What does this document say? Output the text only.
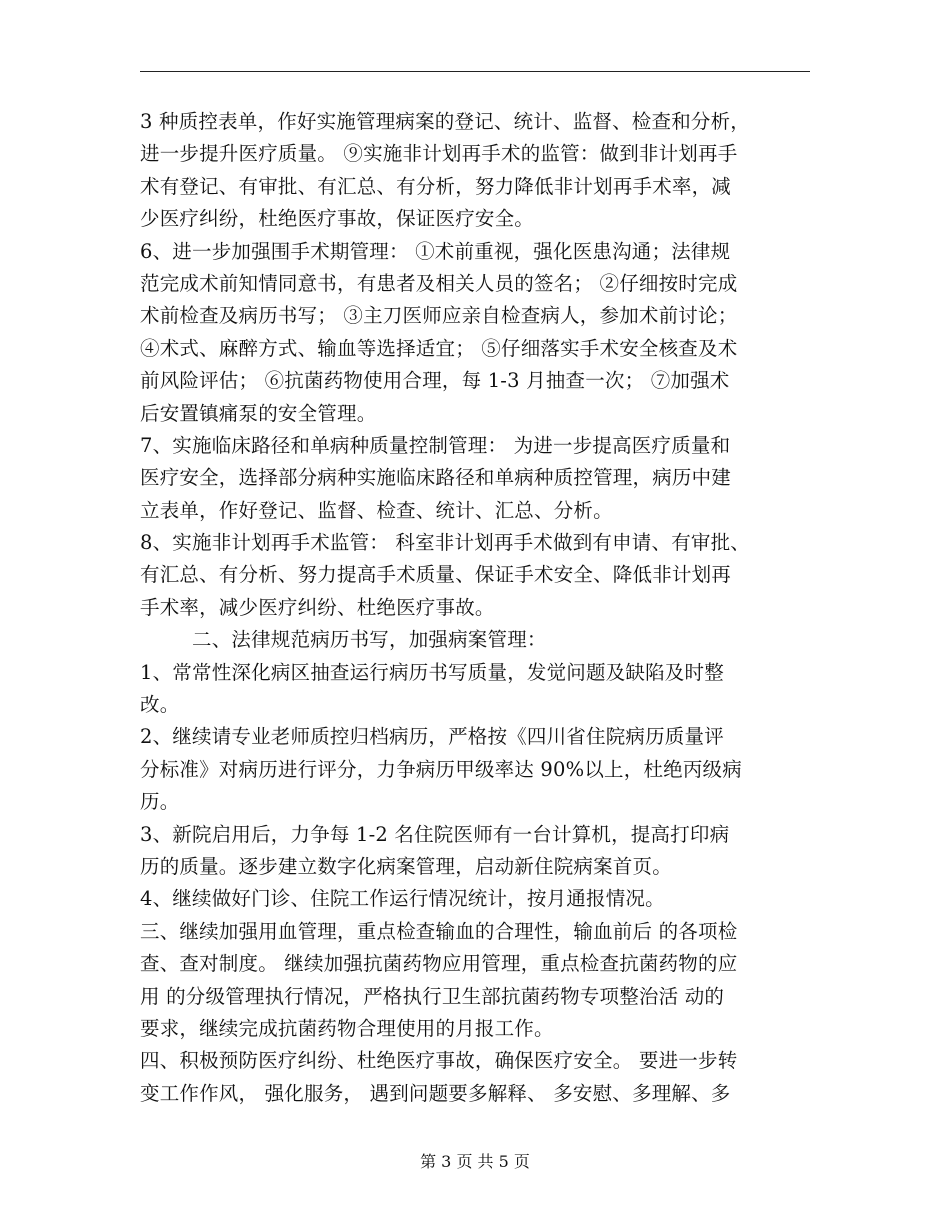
3 种质控表单，作好实施管理病案的登记、统计、监督、检查和分析，
进一步提升医疗质量。 ⑨实施非计划再手术的监管：做到非计划再手
术有登记、有审批、有汇总、有分析，努力降低非计划再手术率，减
少医疗纠纷，杜绝医疗事故，保证医疗安全。
6、进一步加强围手术期管理： ①术前重视，强化医患沟通；法律规
范完成术前知情同意书，有患者及相关人员的签名； ②仔细按时完成
术前检查及病历书写； ③主刀医师应亲自检查病人，参加术前讨论；
④术式、麻醉方式、输血等选择适宜； ⑤仔细落实手术安全核查及术
前风险评估； ⑥抗菌药物使用合理，每 1-3 月抽查一次； ⑦加强术
后安置镇痛泵的安全管理。
7、实施临床路径和单病种质量控制管理： 为进一步提高医疗质量和
医疗安全，选择部分病种实施临床路径和单病种质控管理，病历中建
立表单，作好登记、监督、检查、统计、汇总、分析。
8、实施非计划再手术监管： 科室非计划再手术做到有申请、有审批、
有汇总、有分析、努力提高手术质量、保证手术安全、降低非计划再
手术率，减少医疗纠纷、杜绝医疗事故。
二、法律规范病历书写，加强病案管理：
1、常常性深化病区抽查运行病历书写质量，发觉问题及缺陷及时整
改。
2、继续请专业老师质控归档病历，严格按《四川省住院病历质量评
分标准》对病历进行评分，力争病历甲级率达 90%以上，杜绝丙级病
历。
3、新院启用后，力争每 1-2 名住院医师有一台计算机，提高打印病
历的质量。逐步建立数字化病案管理，启动新住院病案首页。
4、继续做好门诊、住院工作运行情况统计，按月通报情况。
三、继续加强用血管理，重点检查输血的合理性，输血前后 的各项检
查、查对制度。 继续加强抗菌药物应用管理，重点检查抗菌药物的应
用 的分级管理执行情况，严格执行卫生部抗菌药物专项整治活 动的
要求，继续完成抗菌药物合理使用的月报工作。
四、积极预防医疗纠纷、杜绝医疗事故，确保医疗安全。 要进一步转
变工作作风， 强化服务， 遇到问题要多解释、 多安慰、多理解、多
第 3 页 共 5 页
